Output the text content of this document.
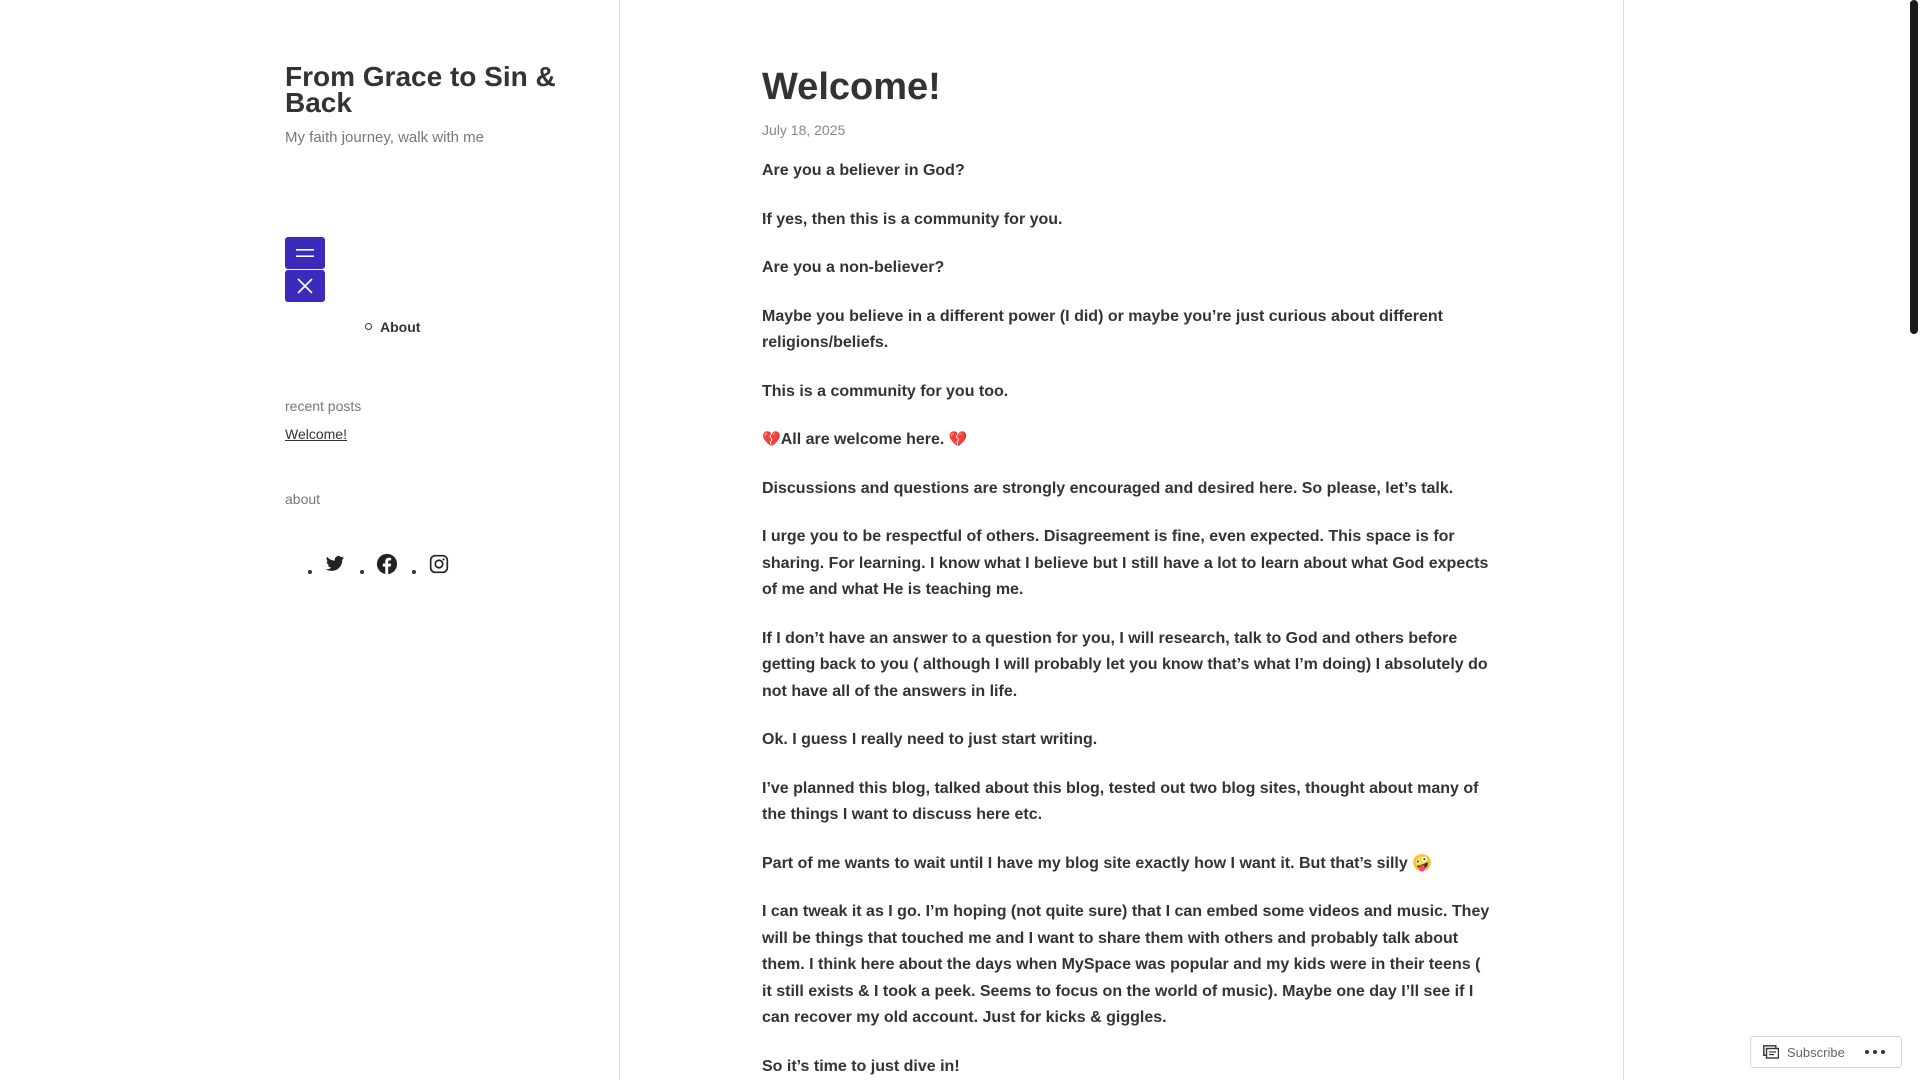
From Grace to Sin & Back
My faith journey, walk with me
About
recent posts
Welcome!
about
Welcome!
July 18, 2025

Are you a believer in God?

If yes, then this is a community for you.

Are you a non-believer?

Maybe you believe in a different power (I did) or maybe you’re just curious about different religions/beliefs.

This is a community for you too.

💔All are welcome here. 💔

Discussions and questions are strongly encouraged and desired here. So please, let’s talk.

I urge you to be respectful of others. Disagreement is fine, even expected. This space is for sharing. For learning. I know what I believe but I still have a lot to learn about what God expects of me and what He is teaching me.

If I don’t have an answer to a question for you, I will research, talk to God and others before getting back to you ( although I will probably let you know that’s what I’m doing) I absolutely do not have all of the answers in life.

Ok. I guess I really need to just start writing.

I’ve planned this blog, talked about this blog, tested out two blog sites, thought about many of the things I want to discuss here etc.

Part of me wants to wait until I have my blog site exactly how I want it. But that’s silly 🤪

I can tweak it as I go. I’m hoping (not quite sure) that I can embed some videos and music. They will be things that touched me and I want to share them with others and probably talk about them. I think here about the days when MySpace was popular and my kids were in their teens ( it still exists & I took a peek. Seems to focus on the world of music). Maybe one day I’ll see if I can recover my old account. Just for kicks & giggles.

So it’s time to just dive in!

Subscribe
